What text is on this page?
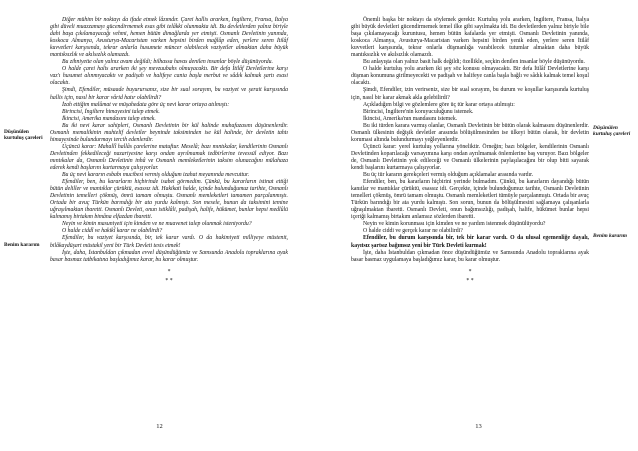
Düşünülen kurtuluş çareleri
Benim kararım

Diğer mühim bir noktayı da ifade etmek lâzımdır. Çarei hallis ararken, İngiltere, Fransa, İtalya gibi düveli muazzamayı gücendirmemek esas gibi telâkki olunmakta idi. Bu devletlerden yalnız biriyle dahi başa çıkılamayacağı vehmi, hemen bütün dimağlarda yer etmişti. Osmanlı Devletinin yanında, koskoca Almanya, Avusturya-Macaristan varken hepsini birden mağlûp eden, yerlere seren İtilâf kuvvetleri karşısında, tekrar anlarla husumete müncer olabilecek vaziyetler almaktan daha büyük mantıksızlık ve akılsızlık olamazdı.

Bu zihniyette olan yalnız avam değildi; bilhassa havas denilen insanlar böyle düşünüyordu.

O halde çarei halis ararken iki şey mevzuubahs olmuyacaktı. Bir defa İtilâf Devletlerine karşı vaz'ı husumet alınmıyacaktı ve padişah ve halifeye cania başla merbut ve sâdık kalmak şartı esasi olacaktı.

Şimdi, Efendiler, müsaade buyurursanız, size bir sual sorayım, bu vaziyet ve şerait karşısında hallis için, nasıl bir karar vârid hatır olabilirdi?

İzah ettiğim malûmat ve müşahedata göre üç nevi karar ortaya atılmıştı:

Birincisi, İngiltere himayesini talep etmek.

İkincisi, Amerika mandasını talep etmek.

Bu iki nevi karar sahipleri, Osmanlı Devletinin bir kül halinde muhafazasını düşünenlerdir. Osmanlı memalikinin muhtelif devletler beyninde taksiminden ise kül halinde, bir devletin tahtı himayesinde bulundurmayı tercih edenlerdir.

Üçüncü karar: Mahallî hallâs çarelerine matuftur. Meselâ; bazı mıntıkalar, kendilerinin Osmanlı Devletinden fekkedileceği nazariyesine karşı ondan ayrılmamak tedbirlerine tevessül ediyor. Bazı mıntıkalar da, Osmanlı Devletinin inhâ ve Osmanlı memleketlerinin taksim olunacağını mülahaza ederek kendi başlarını kurtarmaya çalışıyorlar.

Bu üç nevi kararın esbabı mucibesi vermiş olduğum izahat meyanında mevcuttur.

Efendiler, ben, bu kararların hiçbirinde isabet görmedim. Çünkü, bu kararların istinat ettiği bütün deliller ve mantıklar çürüktü, esassız idi. Hakikati halde, içinde bulunduğumuz tarihte, Osmanlı Devletinin temelleri çökmüş, ömrü tamam olmuştu. Osmanlı memleketleri tamamen parçalanmıştı. Ortada bir avuç Türkün barındığı bir ata yurdu kalmıştı. Son mesele, bunun da taksimini temine uğraşılmaktan ibaretti. Osmanlı Devleti, onun istiklâli, padişah, halife, hükümet, bunlar hepsi medlûlü kalmamış birtakım bimâna elfazdan ibaretti.

Neyin ve kimin masuniyeti için kimden ve ne muavenet talep olunmak isteniyordu?

O halde ciddî ve hakikî karar ne olabilirdi?

Efendiler, bu vaziyet karşısında, bir, tek karar vardı. O da hakimiyeti milliyeye müstenit, bilâkaydüşart müstakil yeni bir Türk Devleti tesis etmek!

İşte, daha, İstanbuldan çıkmadan evvel düşündüğümüz ve Samsunda Anadolu topraklarına ayak basar basmaz tatbikatına başladığımız karar, bu karar olmuştur.

*
* *
12
Düşünülen kurtuluş çareleri
Benim kararım

Önemli başka bir noktayı da söylemek gerekir. Kurtuluş yolu ararken, İngiltere, Fransa, İtalya gibi büyük devletleri gücendirmemek temel ilke gibi sayılmakta idi. Bu devletlerden yalnız biriyle bile başa çıkılamayacağı kuruntusu, hemen bütün kafalarda yer etmişti. Osmanlı Devletinin yanında, koskoca Almanya, Avusturya-Macaristan varken hepsini birden yenik eden, yerlere seren İtilâf kuvvetleri karşısında, tekrar onlarla düşmanlığa varabilecek tutumlar almaktan daha büyük mantıksızlık ve akılsızlık olamazdı.

Bu anlayışta olan yalnız basit halk değildi; özellikle, seçkin denilen insanlar böyle düşünüyordu.

O halde kurtuluş yolu ararken iki şey söz konusu olmayacaktı. Bir defa İtilâf Devletlerine karşı düşman konumuna girilmeyecekti ve padişah ve halifeye canla başla bağlı ve sâdık kalmak temel koşul olacaktı.

Şimdi, Efendiler, izin verirseniz, size bir sual sorayım, bu durum ve koşullar karşısında kurtuluş için, nasıl bir karar akmak akla gelebilirdi?

Açıkladığım bilgi ve gözlemlere göre üç tür karar ortaya atılmıştı:

Birincisi, İngiltere'nin koruyuculuğunu istemek.

İkincisi, Amerika'nın mandasını istemek.

Bu iki türden karara varmış olanlar, Osmanlı Devletinin bir bütün olarak kalmasını düşünenlerdir. Osmanlı ülkesinin değişik devletler arasında bölüşülmesinden ise ülkeyi bütün olarak, bir devletin korumasi altında bulundurmayı yeğleyenlerdir.

Üçüncü karar: yerel kurtuluş yollarına yöneliktir. Örneğin; bazı bölgeler, kendilerinin Osmanlı Devletinden koparılacağı varsayımına karşı ondan ayrılmamak önlemlerine baş vuruyor. Bazı bölgeler de, Osmanlı Devletinin yok edileceği ve Osmanlı ülkelerinin paylaşılacağını bir olup bitti sayarak kendi başlarını kurtarmaya çalışıyorlar.

Bu üç tür kararın gerekçeleri vermiş olduğum açıklamalar arasında vardır.

Efendiler, ben, bu kararların hiçbirini yerinde bulmadım. Çünkü, bu kararların dayandığı bütün kanıtlar ve mantıklar çürüktü, esassız idi. Gerçekte, içinde bulunduğumuz tarihte, Osmanlı Devletinin temelleri çökmüş, ömrü tamam olmuştu. Osmanlı memleketleri tümüyle parçalanmıştı. Ortada bir avuç Türkün barındığı bir ata yurdu kalmıştı. Son sorun, bunun da bölüşülmesini sağlamaya çalışanlarla uğraşılmaktan ibaretti. Osmanlı Devleti, onun bağımsızlığı, padişah, halife, hükümet bunlar hepsi içeriği kalmamış birtakım anlamsız sözlerden ibaretti.

Neyin ve kimin korunması için kimden ve ne yardım istenmek düşünülüyordu?

O halde ciddi ve gerçek karar ne olabilirdi?

Efendiler, bu durum karşısında bir, tek bir karar vardı. O da ulusal egemenliğe dayalı, kayıtsız şartsız bağımsız yeni bir Türk Devleti kurmak!

İşte, daha İstanbuldan çıkmadan önce düşündüğümüz ve Samsunda Anadolu topraklarına ayak basar basmaz uygulamaya başladığımız karar, bu karar olmuştur.

*
* *
13
